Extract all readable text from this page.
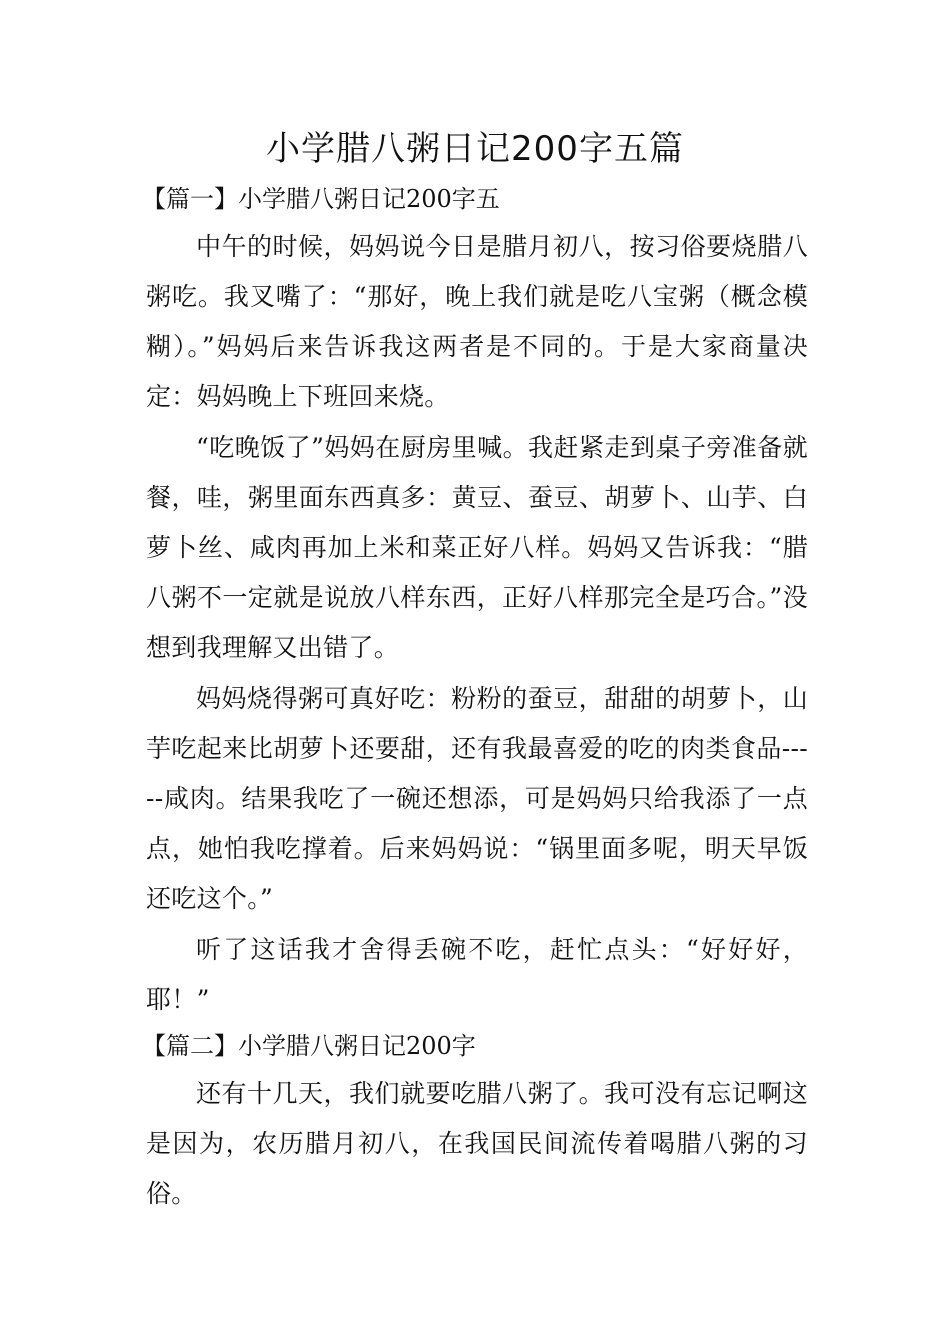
小学腊八粥日记200字五篇
【篇一】小学腊八粥日记200字五

中午的时候，妈妈说今日是腊月初八，按习俗要烧腊八粥吃。我叉嘴了：“那好，晚上我们就是吃八宝粥（概念模糊）。”妈妈后来告诉我这两者是不同的。于是大家商量决定：妈妈晚上下班回来烧。

“吃晚饭了”妈妈在厨房里喊。我赶紧走到桌子旁准备就餐，哇，粥里面东西真多：黄豆、蚕豆、胡萝卜、山芋、白萝卜丝、咸肉再加上米和菜正好八样。妈妈又告诉我：“腊八粥不一定就是说放八样东西，正好八样那完全是巧合。”没想到我理解又出错了。

妈妈烧得粥可真好吃：粉粉的蚕豆，甜甜的胡萝卜，山芋吃起来比胡萝卜还要甜，还有我最喜爱的吃的肉类食品-----咸肉。结果我吃了一碗还想添，可是妈妈只给我添了一点点，她怕我吃撑着。后来妈妈说：“锅里面多呢，明天早饭还吃这个。”

听了这话我才舍得丢碗不吃，赶忙点头：“好好好，耶！”

【篇二】小学腊八粥日记200字

还有十几天，我们就要吃腊八粥了。我可没有忘记啊这是因为，农历腊月初八，在我国民间流传着喝腊八粥的习俗。
